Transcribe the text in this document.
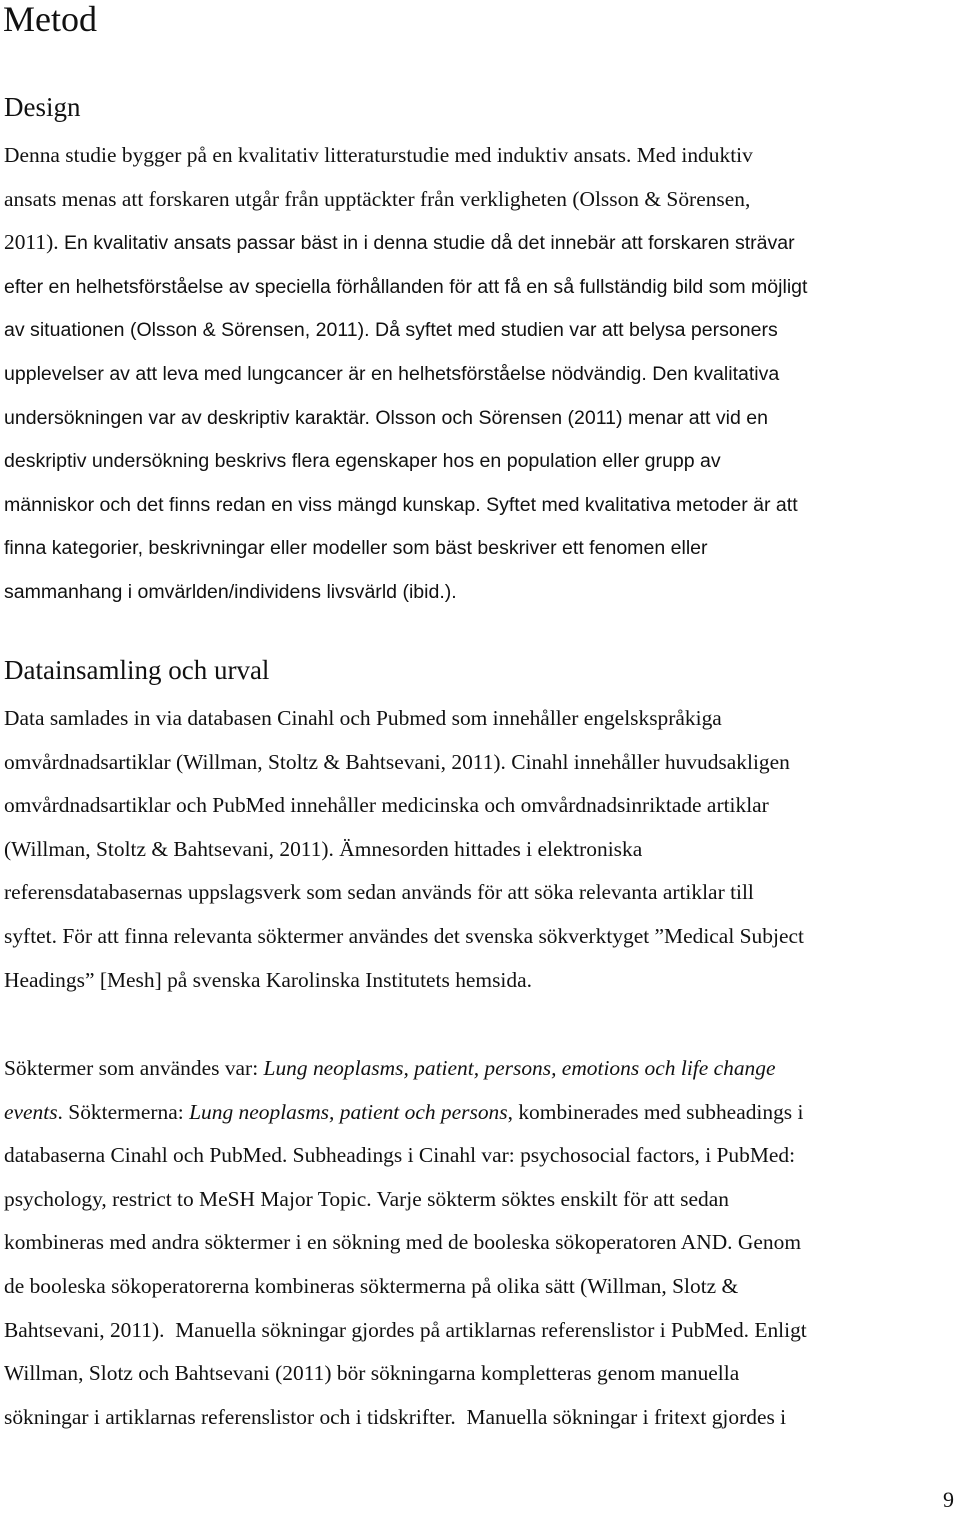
Metod
Design
Denna studie bygger på en kvalitativ litteraturstudie med induktiv ansats. Med induktiv
ansats menas att forskaren utgår från upptäckter från verkligheten (Olsson & Sörensen,
2011). En kvalitativ ansats passar bäst in i denna studie då det innebär att forskaren strävar
efter en helhetsförståelse av speciella förhållanden för att få en så fullständig bild som möjligt
av situationen (Olsson & Sörensen, 2011). Då syftet med studien var att belysa personers
upplevelser av att leva med lungcancer är en helhetsförståelse nödvändig. Den kvalitativa
undersökningen var av deskriptiv karaktär. Olsson och Sörensen (2011) menar att vid en
deskriptiv undersökning beskrivs flera egenskaper hos en population eller grupp av
människor och det finns redan en viss mängd kunskap. Syftet med kvalitativa metoder är att
finna kategorier, beskrivningar eller modeller som bäst beskriver ett fenomen eller
sammanhang i omvärlden/individens livsvärld (ibid.).
Datainsamling och urval
Data samlades in via databasen Cinahl och Pubmed som innehåller engelskspråkiga
omvårdnadsartiklar (Willman, Stoltz & Bahtsevani, 2011). Cinahl innehåller huvudsakligen
omvårdnadsartiklar och PubMed innehåller medicinska och omvårdnadsinriktade artiklar
(Willman, Stoltz & Bahtsevani, 2011). Ämnesorden hittades i elektroniska
referensdatabasernas uppslagsverk som sedan används för att söka relevanta artiklar till
syftet. För att finna relevanta söktermer användes det svenska sökverktyget ”Medical Subject
Headings” [Mesh] på svenska Karolinska Institutets hemsida.
Söktermer som användes var: Lung neoplasms, patient, persons, emotions och life change
events. Söktermerna: Lung neoplasms, patient och persons, kombinerades med subheadings i
databaserna Cinahl och PubMed. Subheadings i Cinahl var: psychosocial factors, i PubMed:
psychology, restrict to MeSH Major Topic. Varje sökterm söktes enskilt för att sedan
kombineras med andra söktermer i en sökning med de booleska sökoperatoren AND. Genom
de booleska sökoperatorerna kombineras söktermerna på olika sätt (Willman, Slotz &
Bahtsevani, 2011).  Manuella sökningar gjordes på artiklarnas referenslistor i PubMed. Enligt
Willman, Slotz och Bahtsevani (2011) bör sökningarna kompletteras genom manuella
sökningar i artiklarnas referenslistor och i tidskrifter.  Manuella sökningar i fritext gjordes i

9
